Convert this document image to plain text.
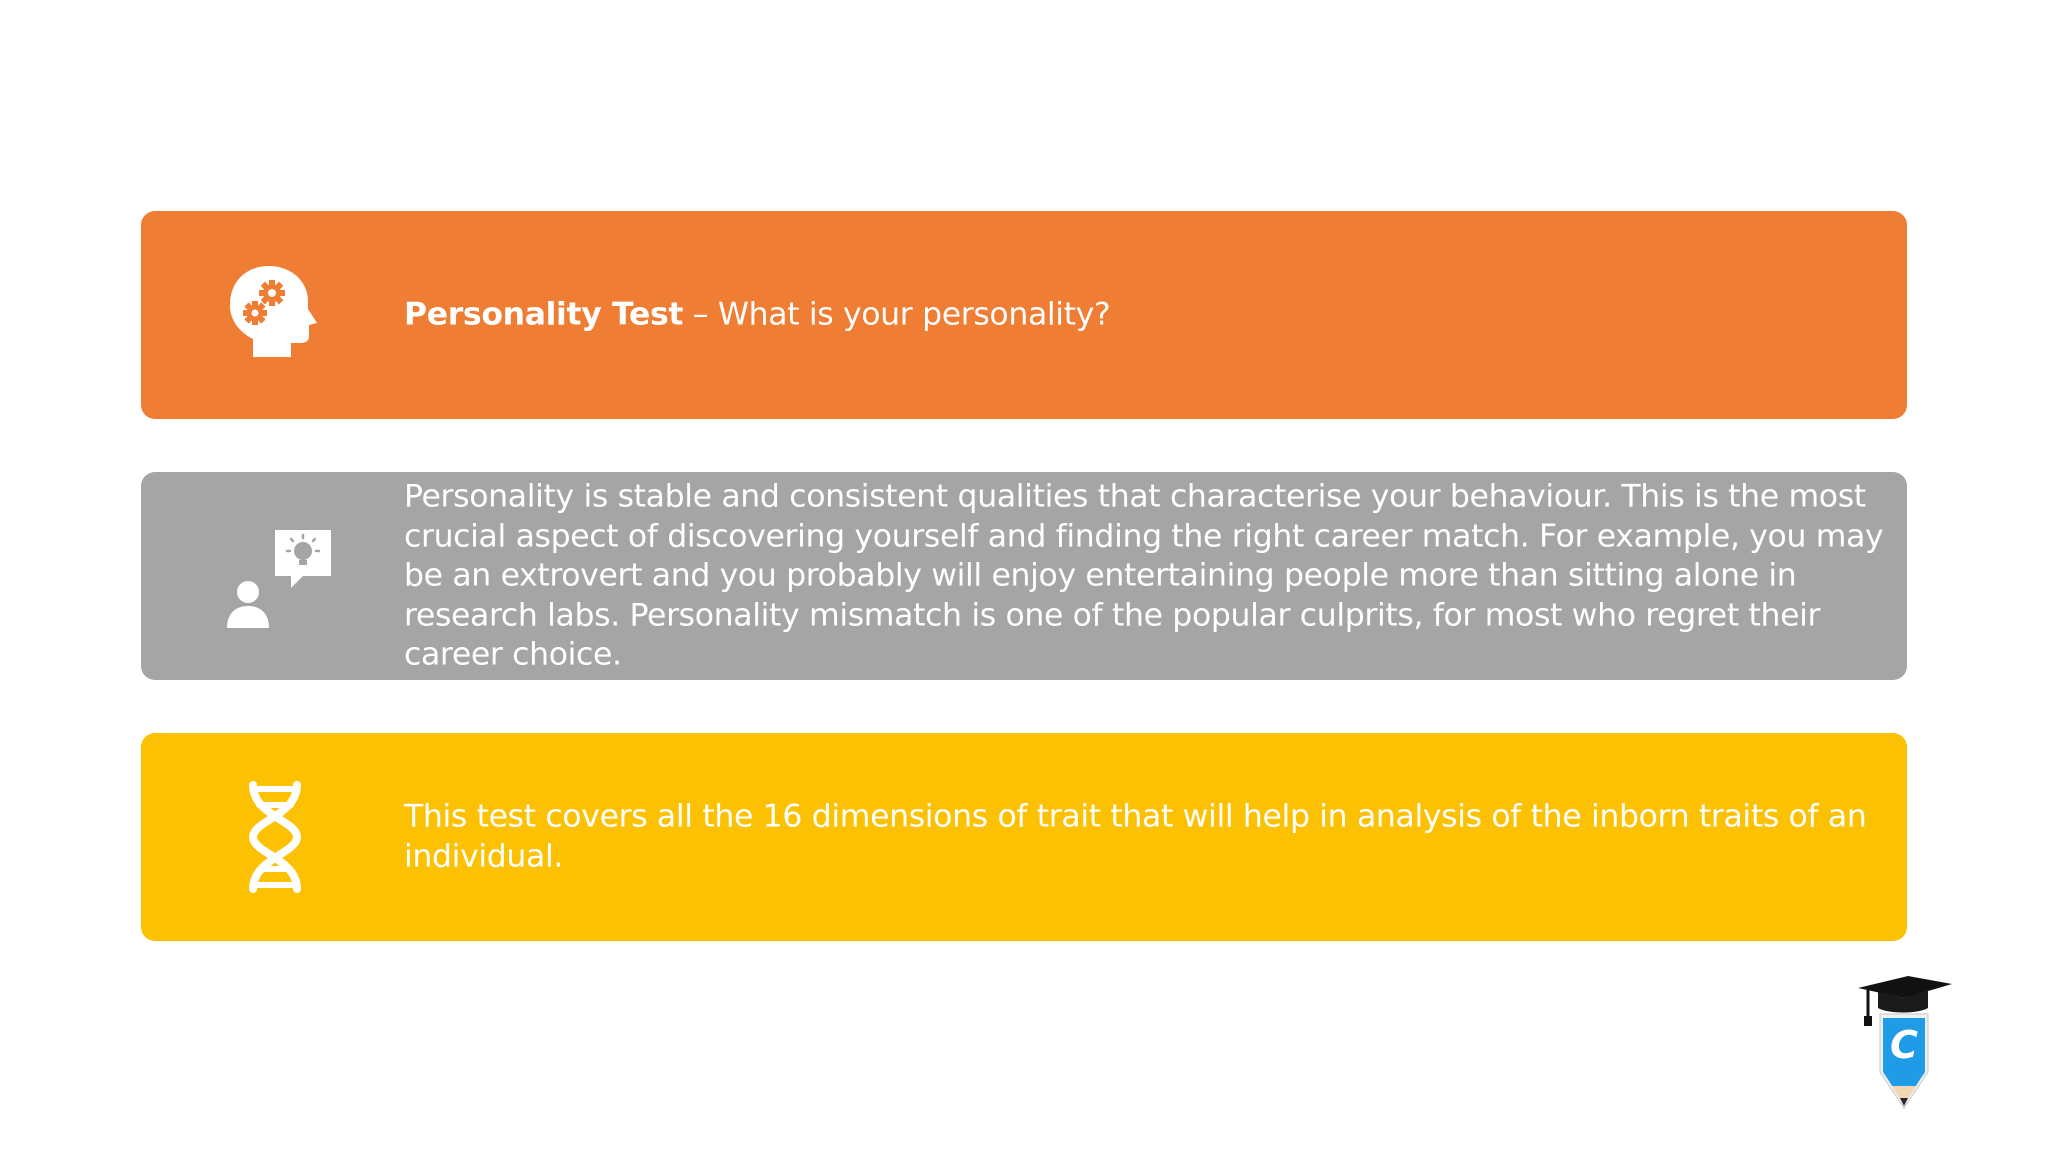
Personality Test – What is your personality?
Personality is stable and consistent qualities that characterise your behaviour. This is the most crucial aspect of discovering yourself and finding the right career match. For example, you may be an extrovert and you probably will enjoy entertaining people more than sitting alone in research labs. Personality mismatch is one of the popular culprits, for most who regret their career choice.
This test covers all the 16 dimensions of trait that will help in analysis of the inborn traits of an individual.
C
